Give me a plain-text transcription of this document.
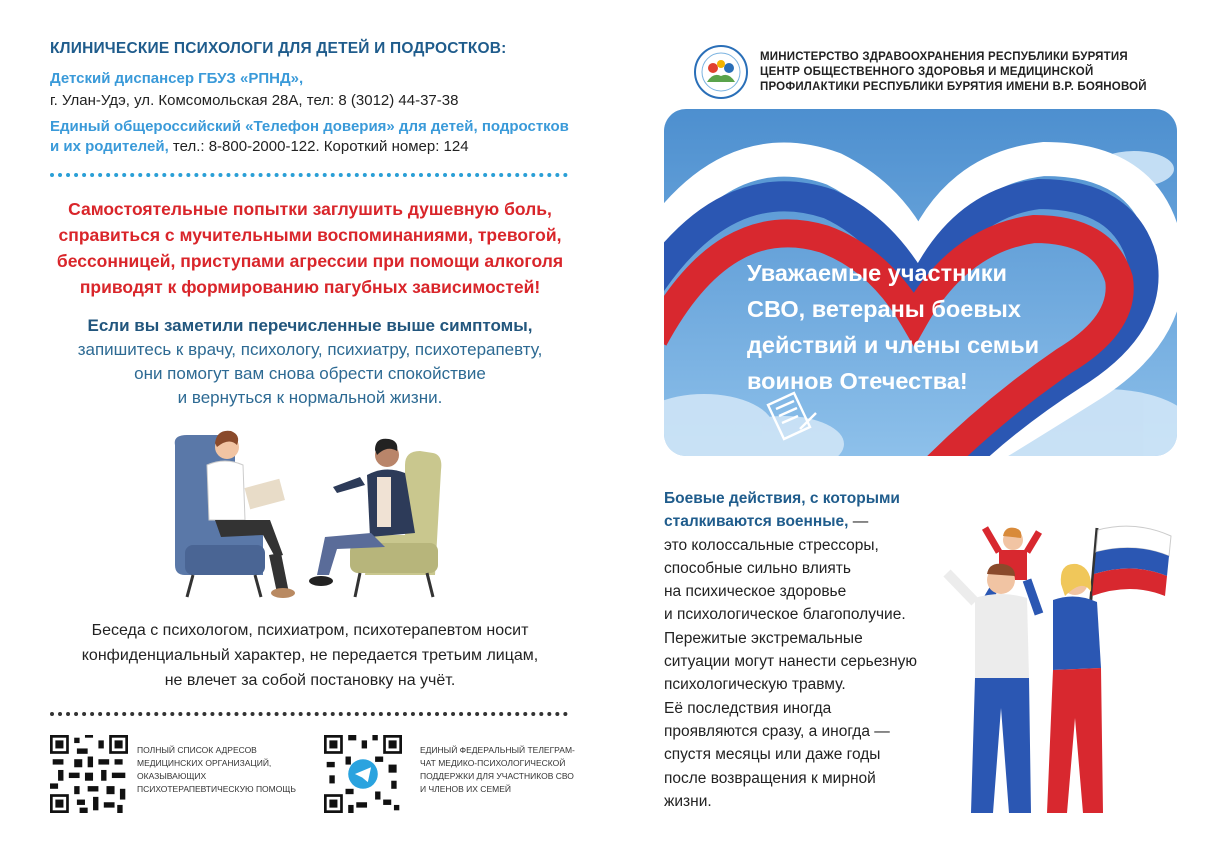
КЛИНИЧЕСКИЕ ПСИХОЛОГИ ДЛЯ ДЕТЕЙ И ПОДРОСТКОВ:
Детский диспансер ГБУЗ «РПНД»,
г. Улан-Удэ, ул. Комсомольская 28А, тел: 8 (3012) 44-37-38
Единый общероссийский «Телефон доверия» для детей, подростков
и их родителей, тел.: 8-800-2000-122. Короткий номер: 124
Самостоятельные попытки заглушить душевную боль,
справиться с мучительными воспоминаниями, тревогой,
бессонницей, приступами агрессии при помощи алкоголя
приводят к формированию пагубных зависимостей!
Если вы заметили перечисленные выше симптомы,
запишитесь к врачу, психологу, психиатру, психотерапевту,
они помогут вам снова обрести спокойствие
и вернуться к нормальной жизни.
Беседа с психологом, психиатром, психотерапевтом носит
конфиденциальный характер, не передается третьим лицам,
не влечет за собой постановку на учёт.
ПОЛНЫЙ СПИСОК АДРЕСОВ
МЕДИЦИНСКИХ ОРГАНИЗАЦИЙ,
ОКАЗЫВАЮЩИХ
ПСИХОТЕРАПЕВТИЧЕСКУЮ ПОМОЩЬ
ЕДИНЫЙ ФЕДЕРАЛЬНЫЙ ТЕЛЕГРАМ-
ЧАТ МЕДИКО-ПСИХОЛОГИЧЕСКОЙ
ПОДДЕРЖКИ ДЛЯ УЧАСТНИКОВ СВО
И ЧЛЕНОВ ИХ СЕМЕЙ
МИНИСТЕРСТВО ЗДРАВООХРАНЕНИЯ РЕСПУБЛИКИ БУРЯТИЯ
ЦЕНТР ОБЩЕСТВЕННОГО ЗДОРОВЬЯ И МЕДИЦИНСКОЙ
ПРОФИЛАКТИКИ РЕСПУБЛИКИ БУРЯТИЯ ИМЕНИ В.Р. БОЯНОВОЙ
Уважаемые участники
СВО, ветераны боевых
действий и члены семьи
воинов Отечества!
Боевые действия, с которыми
сталкиваются военные, —
это колоссальные стрессоры,
способные сильно влиять
на психическое здоровье
и психологическое благополучие.
Пережитые экстремальные
ситуации могут нанести серьезную
психологическую травму.
Её последствия иногда
проявляются сразу, а иногда —
спустя месяцы или даже годы
после возвращения к мирной
жизни.
